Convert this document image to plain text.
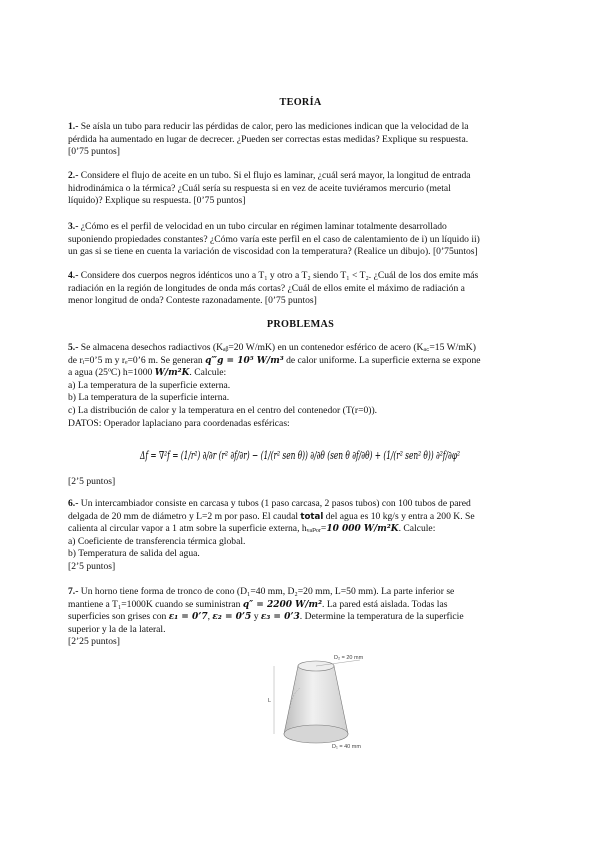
TEORÍA
1.- Se aísla un tubo para reducir las pérdidas de calor, pero las mediciones indican que la velocidad de la
pérdida ha aumentado en lugar de decrecer. ¿Pueden ser correctas estas medidas? Explique su respuesta.
[0’75 puntos]
2.- Considere el flujo de aceite en un tubo. Si el flujo es laminar, ¿cuál será mayor, la longitud de entrada
hidrodinámica o la térmica? ¿Cuál sería su respuesta si en vez de aceite tuviéramos mercurio (metal
líquido)? Explique su respuesta. [0’75 puntos]
3.- ¿Cómo es el perfil de velocidad en un tubo circular en régimen laminar totalmente desarrollado
suponiendo propiedades constantes? ¿Cómo varía este perfil en el caso de calentamiento de i) un líquido ii)
un gas si se tiene en cuenta la variación de viscosidad con la temperatura? (Realice un dibujo). [0’75untos]
4.- Considere dos cuerpos negros idénticos uno a T₁ y otro a T₂ siendo T₁ < T₂. ¿Cuál de los dos emite más
radiación en la región de longitudes de onda más cortas? ¿Cuál de ellos emite el máximo de radiación a
menor longitud de onda? Conteste razonadamente. [0’75 puntos]
PROBLEMAS
5.- Se almacena desechos radiactivos (Kₐᵦ=20 W/mK) en un contenedor esférico de acero (Kₐ꜀=15 W/mK)
de rᵢ=0’5 m y rₑ=0’6 m. Se generan q‴g = 10⁵ W/m³ de calor uniforme. La superficie externa se expone
a agua (25ºC) h=1000 W/m²K. Calcule:
a) La temperatura de la superficie externa.
b) La temperatura de la superficie interna.
c) La distribución de calor y la temperatura en el centro del contenedor (T(r=0)).
DATOS: Operador laplaciano para coordenadas esféricas:
Δf = ∇²f = (1/r²) ∂/∂r (r² ∂f/∂r) − (1/(r² sen θ)) ∂/∂θ (sen θ ∂f/∂θ) + (1/(r² sen² θ)) ∂²f/∂φ²
[2’5 puntos]
6.- Un intercambiador consiste en carcasa y tubos (1 paso carcasa, 2 pasos tubos) con 100 tubos de pared
delgada de 20 mm de diámetro y L=2 m por paso. El caudal total del agua es 10 kg/s y entra a 200 K. Se
calienta al circular vapor a 1 atm sobre la superficie externa, hᵥₐₚₒᵣ=10 000 W/m²K. Calcule:
a) Coeficiente de transferencia térmica global.
b) Temperatura de salida del agua.
[2’5 puntos]
7.- Un horno tiene forma de tronco de cono (D₁=40 mm, D₂=20 mm, L=50 mm). La parte inferior se
mantiene a T₁=1000K cuando se suministran q″ = 2200 W/m². La pared está aislada. Todas las
superficies son grises con ε₁ = 0’7, ε₂ = 0’5 y ε₃ = 0’3. Determine la temperatura de la superficie
superior y la de la lateral.
[2’25 puntos]
D₂ = 20 mm
L
D₁ = 40 mm
